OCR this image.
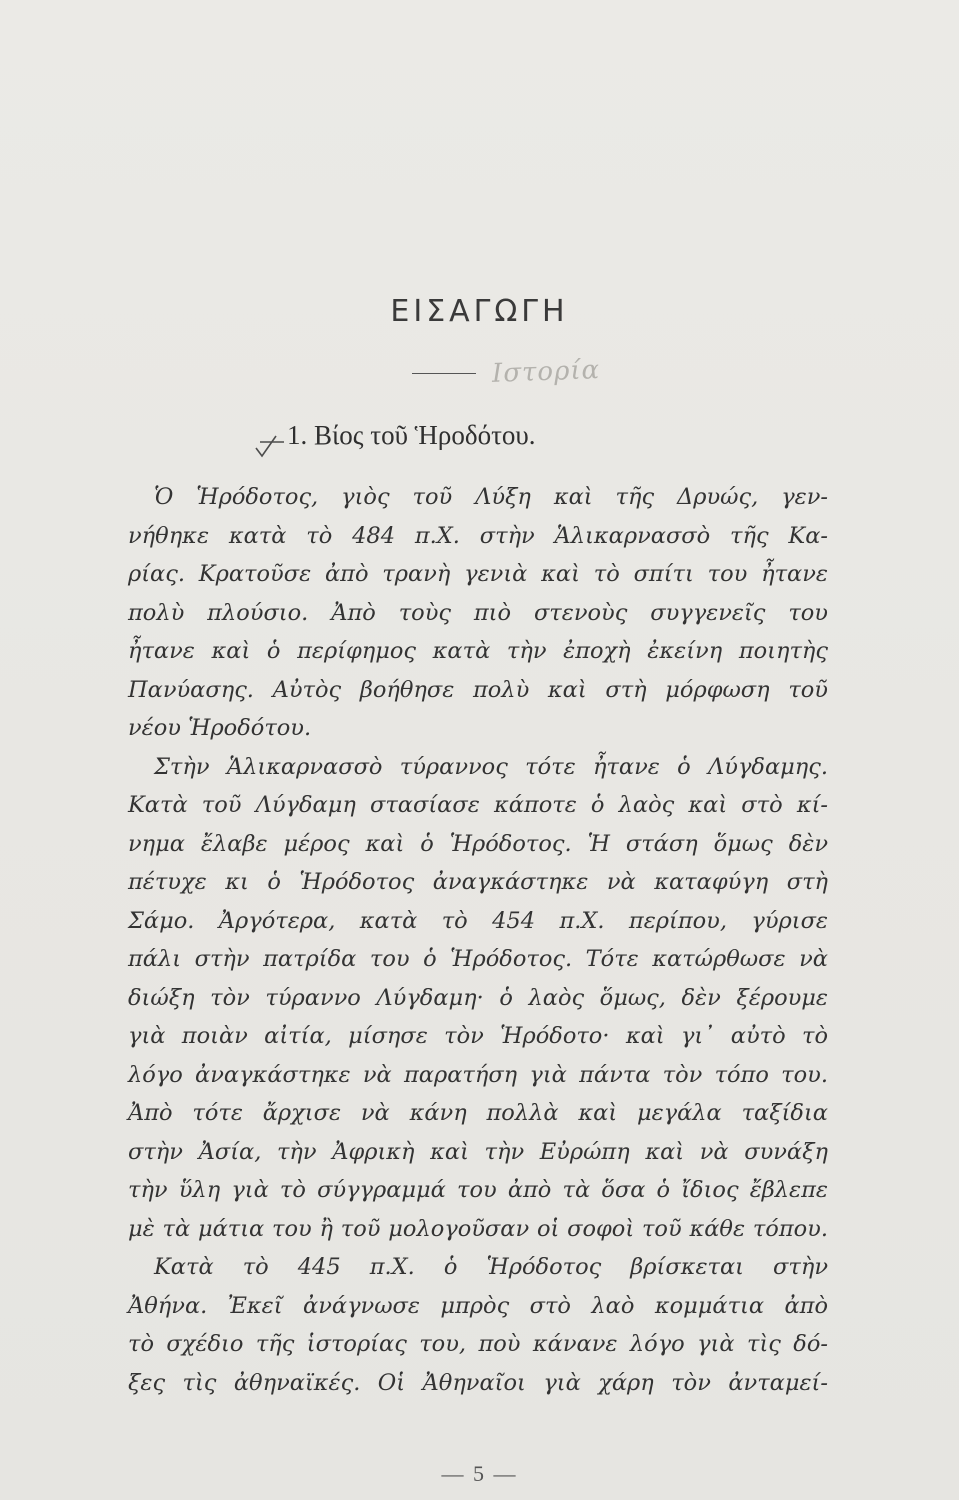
ΕΙΣΑΓΩΓΗ
Ιστορία
1. Βίος τοῦ Ἡροδότου.
Ὁ Ἡρόδοτος, γιὸς τοῦ Λύξη καὶ τῆς Δρυώς, γεν-
νήθηκε κατὰ τὸ 484 π.Χ. στὴν Ἁλικαρνασσὸ τῆς Κα-
ρίας. Κρατοῦσε ἀπὸ τρανὴ γενιὰ καὶ τὸ σπίτι του ἦτανε
πολὺ πλούσιο. Ἀπὸ τοὺς πιὸ στενοὺς συγγενεῖς του
ἦτανε καὶ ὁ περίφημος κατὰ τὴν ἐποχὴ ἐκείνη ποιητὴς
Πανύασης. Αὐτὸς βοήθησε πολὺ καὶ στὴ μόρφωση τοῦ
νέου Ἡροδότου.
Στὴν Ἁλικαρνασσὸ τύραννος τότε ἦτανε ὁ Λύγδαμης.
Κατὰ τοῦ Λύγδαμη στασίασε κάποτε ὁ λαὸς καὶ στὸ κί-
νημα ἔλαβε μέρος καὶ ὁ Ἡρόδοτος. Ἡ στάση ὅμως δὲν
πέτυχε κι ὁ Ἡρόδοτος ἀναγκάστηκε νὰ καταφύγη στὴ
Σάμο. Ἀργότερα, κατὰ τὸ 454 π.Χ. περίπου, γύρισε
πάλι στὴν πατρίδα του ὁ Ἡρόδοτος. Τότε κατώρθωσε νὰ
διώξη τὸν τύραννο Λύγδαμη· ὁ λαὸς ὅμως, δὲν ξέρουμε
γιὰ ποιὰν αἰτία, μίσησε τὸν Ἡρόδοτο· καὶ γι᾽ αὐτὸ τὸ
λόγο ἀναγκάστηκε νὰ παρατήση γιὰ πάντα τὸν τόπο του.
Ἀπὸ τότε ἄρχισε νὰ κάνη πολλὰ καὶ μεγάλα ταξίδια
στὴν Ἀσία, τὴν Ἀφρικὴ καὶ τὴν Εὐρώπη καὶ νὰ συνάξη
τὴν ὕλη γιὰ τὸ σύγγραμμά του ἀπὸ τὰ ὅσα ὁ ἴδιος ἔβλεπε
μὲ τὰ μάτια του ἢ τοῦ μολογοῦσαν οἱ σοφοὶ τοῦ κάθε τόπου.
Κατὰ τὸ 445 π.Χ. ὁ Ἡρόδοτος βρίσκεται στὴν
Ἀθήνα. Ἐκεῖ ἀνάγνωσε μπρὸς στὸ λαὸ κομμάτια ἀπὸ
τὸ σχέδιο τῆς ἱστορίας του, ποὺ κάνανε λόγο γιὰ τὶς δό-
ξες τὶς ἀθηναϊκές. Οἱ Ἀθηναῖοι γιὰ χάρη τὸν ἀνταμεί-
— 5 —
